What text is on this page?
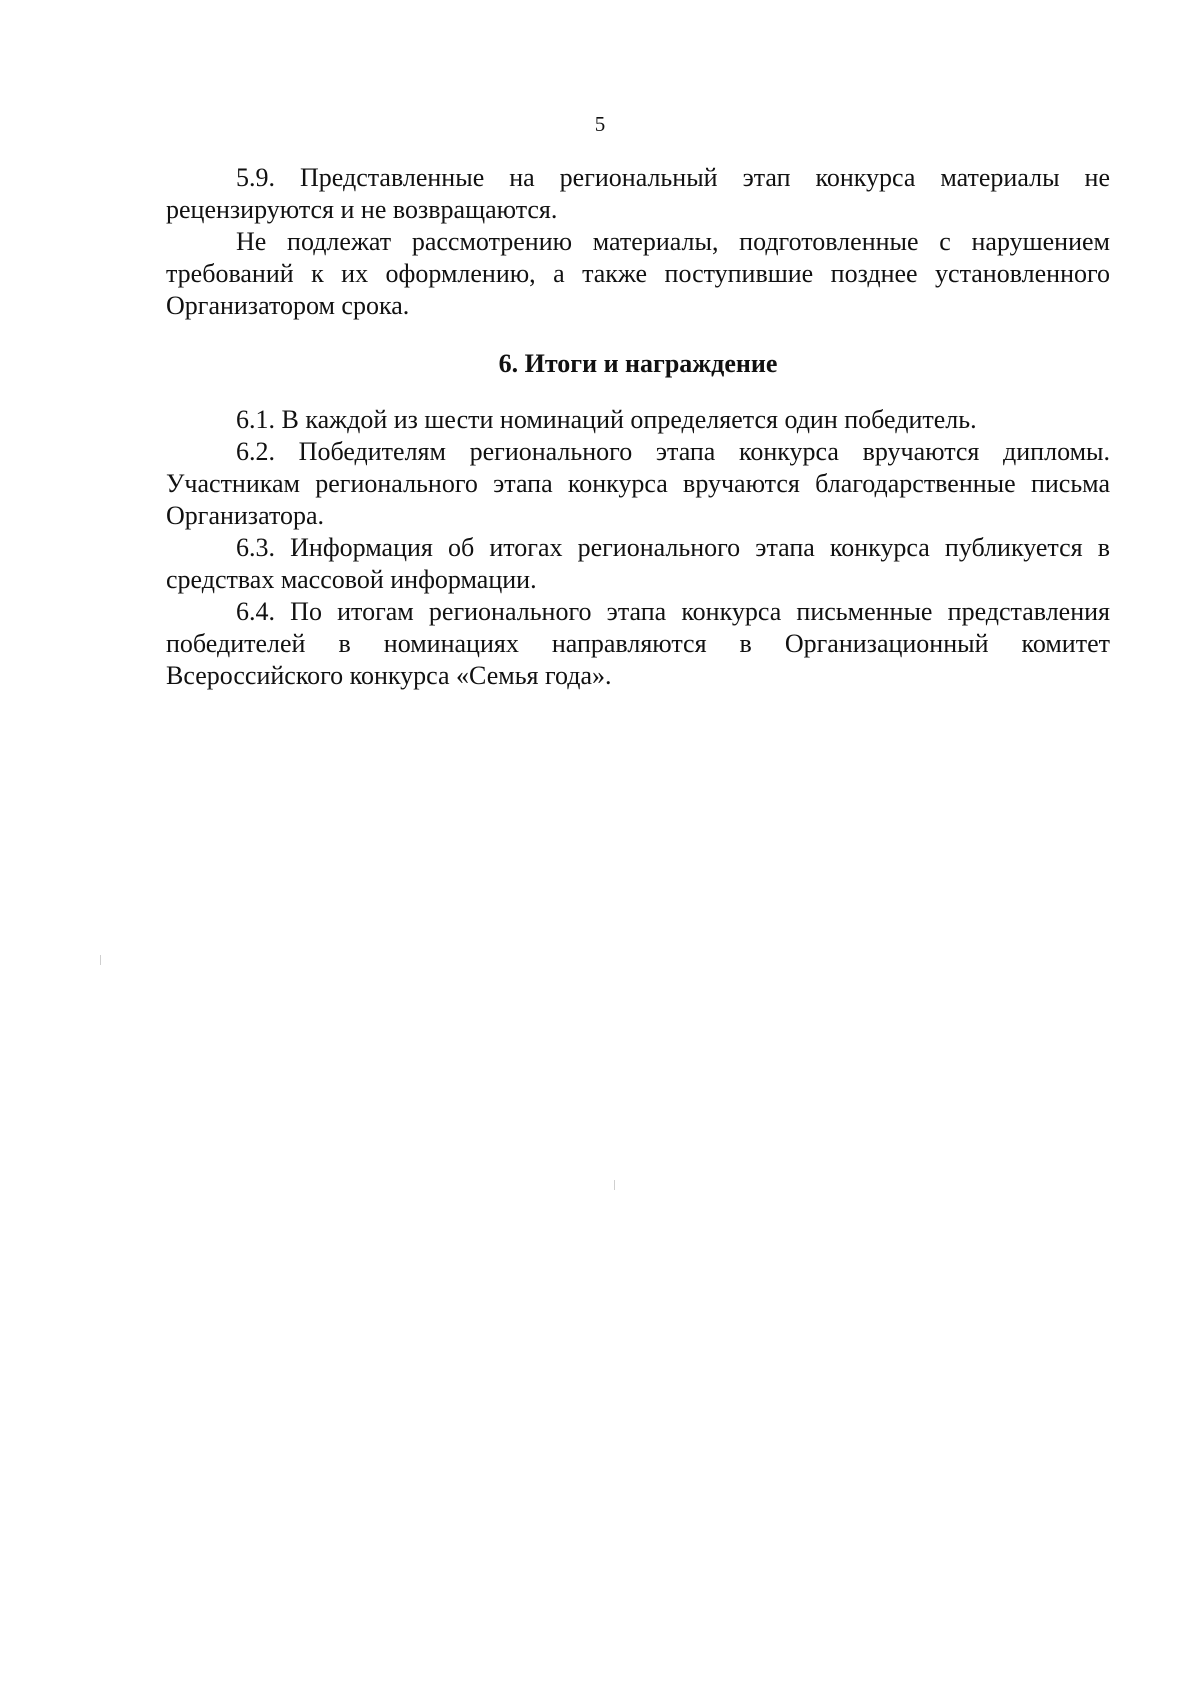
5

5.9. Представленные на региональный этап конкурса материалы не рецензируются и не возвращаются.

Не подлежат рассмотрению материалы, подготовленные с нарушением требований к их оформлению, а также поступившие позднее установленного Организатором срока.

6. Итоги и награждение

6.1. В каждой из шести номинаций определяется один победитель.

6.2. Победителям регионального этапа конкурса вручаются дипломы. Участникам регионального этапа конкурса вручаются благодарственные письма Организатора.

6.3. Информация об итогах регионального этапа конкурса публикуется в средствах массовой информации.

6.4. По итогам регионального этапа конкурса письменные представления победителей в номинациях направляются в Организационный комитет Всероссийского конкурса «Семья года».
